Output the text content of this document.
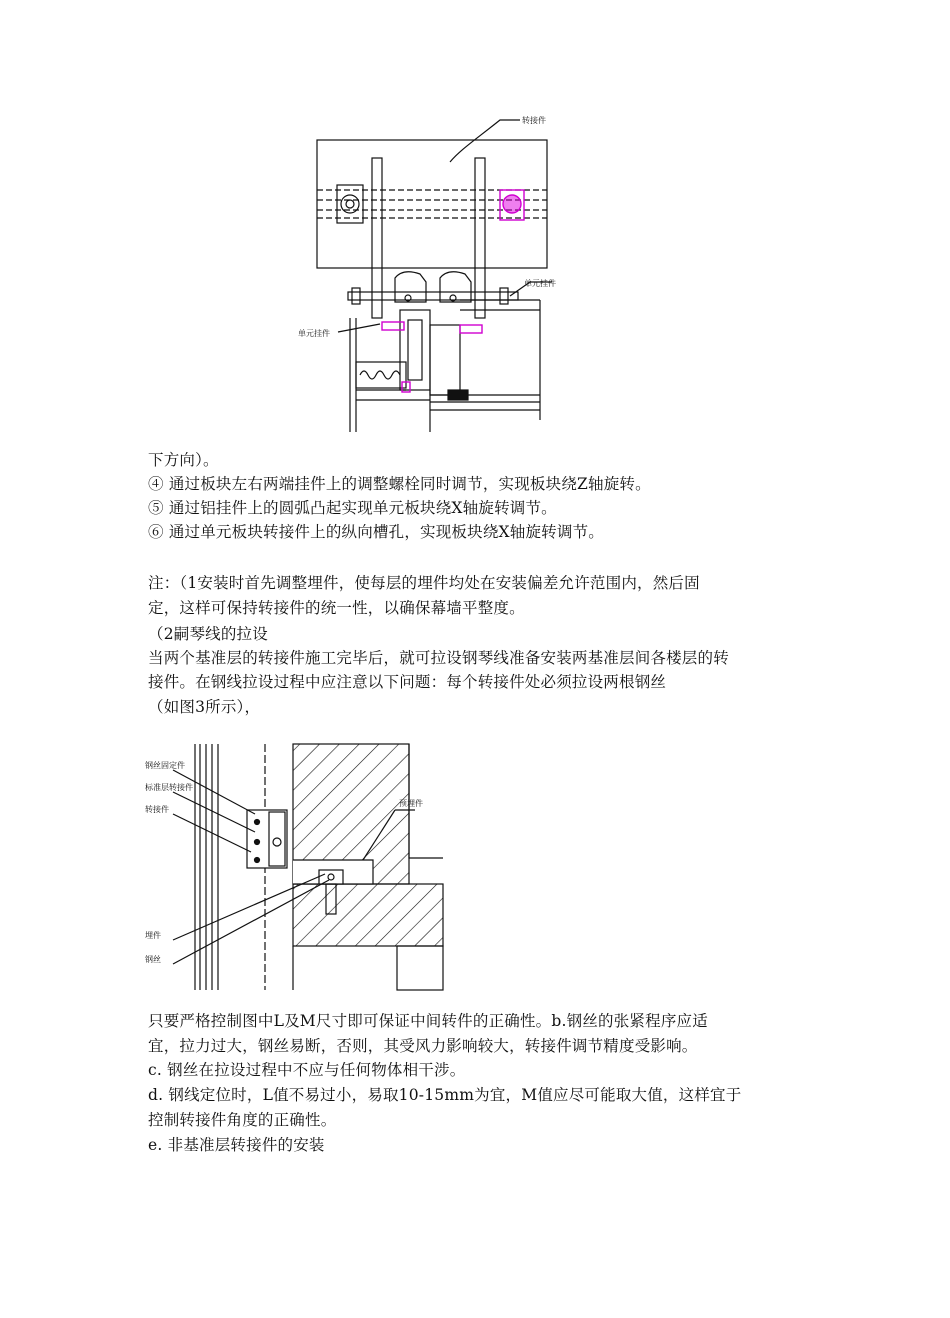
转接件
单元挂件
单元挂件
下方向）。
④ 通过板块左右两端挂件上的调整螺栓同时调节，实现板块绕Z轴旋转。
⑤ 通过铝挂件上的圆弧凸起实现单元板块绕X轴旋转调节。
⑥ 通过单元板块转接件上的纵向槽孔，实现板块绕X轴旋转调节。
注：（1安装时首先调整埋件，使每层的埋件均处在安装偏差允许范围内，然后固
定，这样可保持转接件的统一性，以确保幕墙平整度。
（2嗣琴线的拉设
当两个基准层的转接件施工完毕后，就可拉设钢琴线准备安装两基准层间各楼层的转
接件。在钢线拉设过程中应注意以下问题：每个转接件处必须拉设两根钢丝
（如图3所示），
钢丝固定件
标准层转接件
转接件
埋件
钢丝
预埋件
只要严格控制图中L及M尺寸即可保证中间转件的正确性。b.钢丝的张紧程序应适
宜，拉力过大，钢丝易断，否则，其受风力影响较大，转接件调节精度受影响。
c. 钢丝在拉设过程中不应与任何物体相干涉。
d. 钢线定位时，L值不易过小，易取10-15mm为宜，M值应尽可能取大值，这样宜于
控制转接件角度的正确性。
e. 非基准层转接件的安装
